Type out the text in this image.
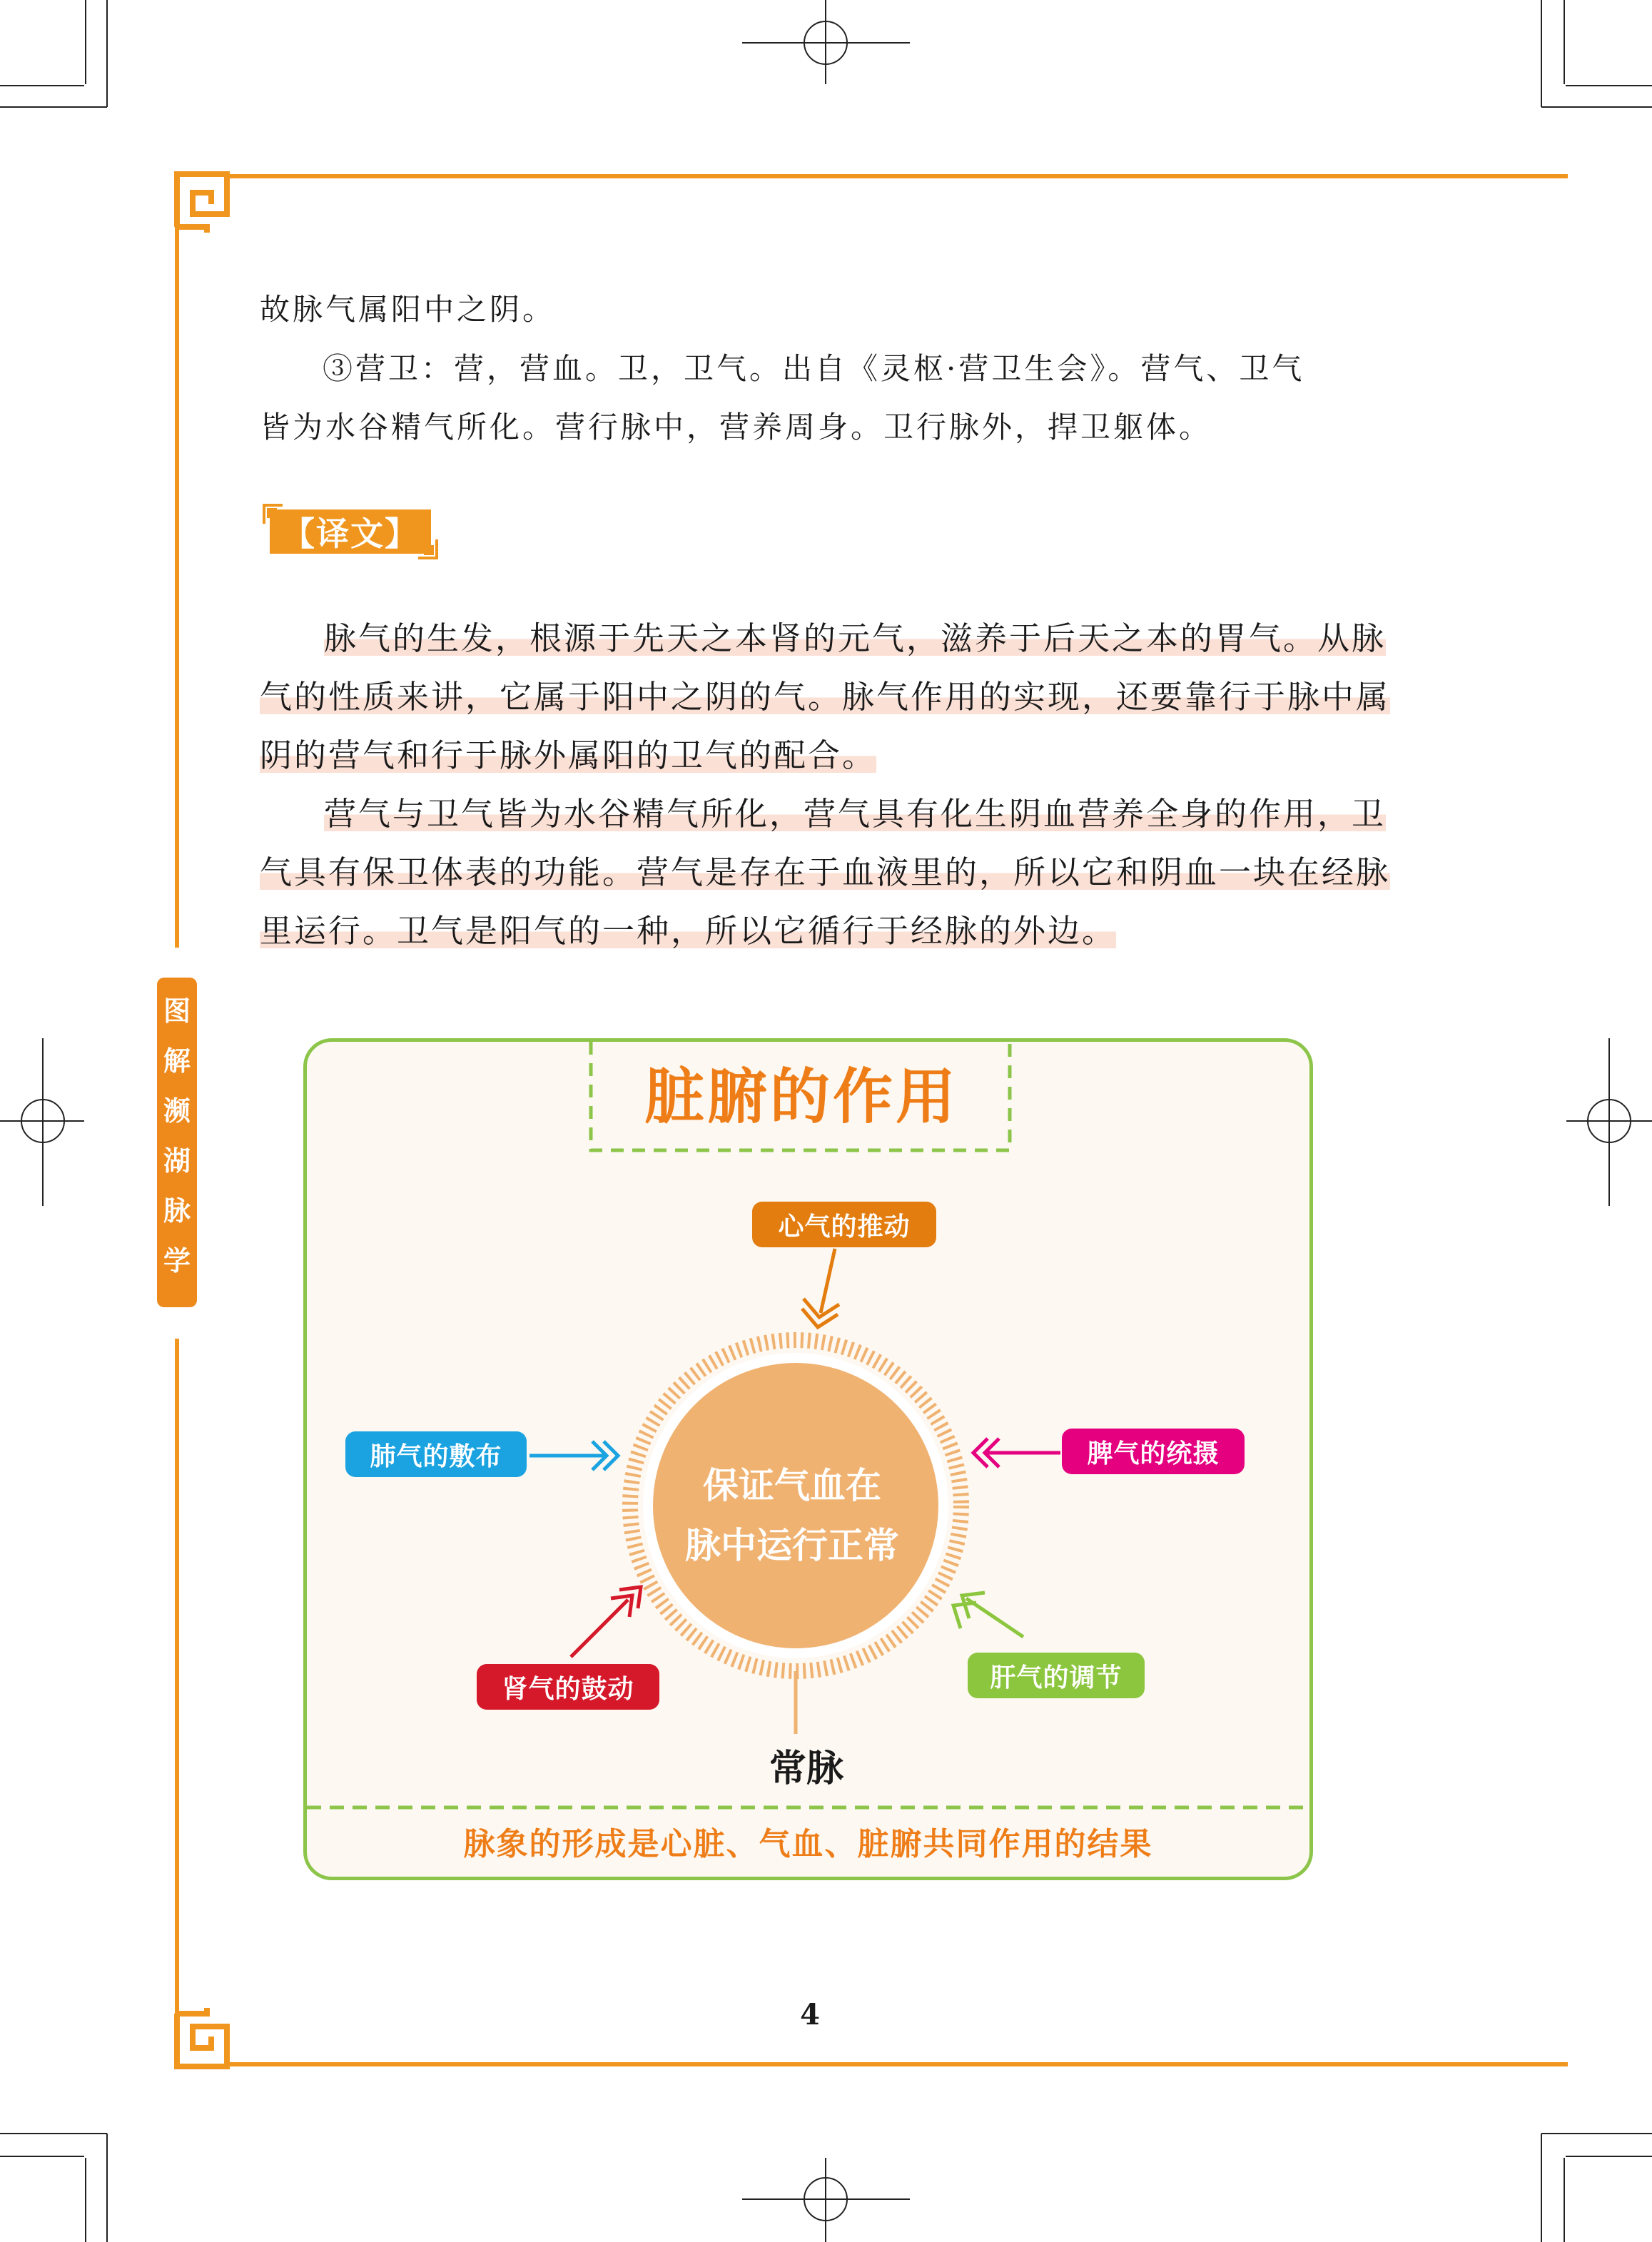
故脉气属阳中之阴。
③营卫：营，营血。卫，卫气。出自《灵枢·营卫生会》。营气、卫气
皆为水谷精气所化。营行脉中，营养周身。卫行脉外，捍卫躯体。
【译文】
脉气的生发，根源于先天之本肾的元气，滋养于后天之本的胃气。从脉
气的性质来讲，它属于阳中之阴的气。脉气作用的实现，还要靠行于脉中属
阴的营气和行于脉外属阳的卫气的配合。
营气与卫气皆为水谷精气所化，营气具有化生阴血营养全身的作用，卫
气具有保卫体表的功能。营气是存在于血液里的，所以它和阴血一块在经脉
里运行。卫气是阳气的一种，所以它循行于经脉的外边。
图
解
濒
湖
脉
学
脏腑的作用
心气的推动
肺气的敷布	脾气的统摄
肾气的鼓动	肝气的调节
保证气血在
脉中运行正常
常脉
脉象的形成是心脏、气血、脏腑共同作用的结果
4
